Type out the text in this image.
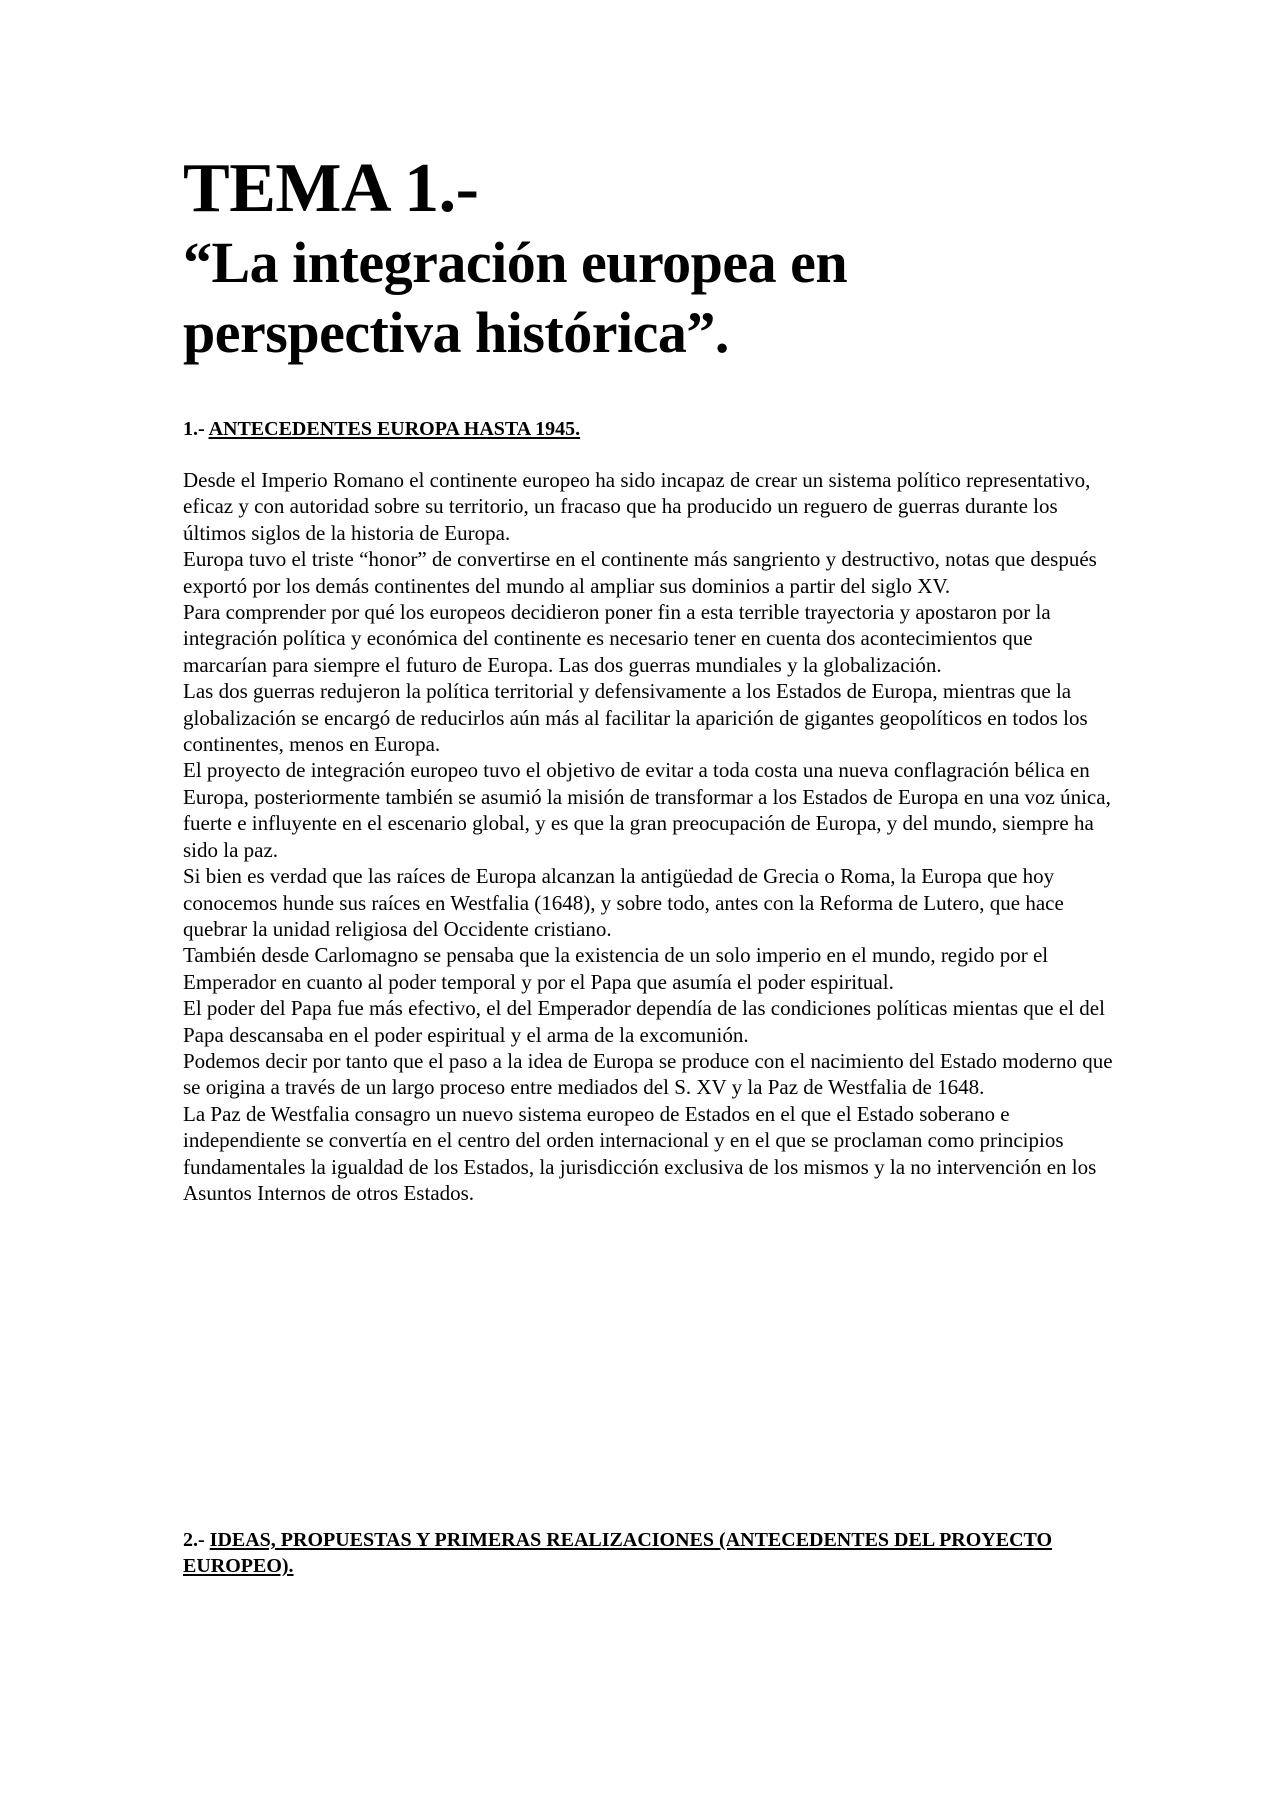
TEMA 1.-
“La integración europea en
perspectiva histórica”.
1.- ANTECEDENTES EUROPA HASTA 1945.

Desde el Imperio Romano el continente europeo ha sido incapaz de crear un sistema político representativo, eficaz y con autoridad sobre su territorio, un fracaso que ha producido un reguero de guerras durante los últimos siglos de la historia de Europa.

Europa tuvo el triste “honor” de convertirse en el continente más sangriento y destructivo, notas que después exportó por los demás continentes del mundo al ampliar sus dominios a partir del siglo XV.

Para comprender por qué los europeos decidieron poner fin a esta terrible trayectoria y apostaron por la integración política y económica del continente es necesario tener en cuenta dos acontecimientos que marcarían para siempre el futuro de Europa. Las dos guerras mundiales y la globalización.

Las dos guerras redujeron la política territorial y defensivamente a los Estados de Europa, mientras que la globalización se encargó de reducirlos aún más al facilitar la aparición de gigantes geopolíticos en todos los continentes, menos en Europa.

El proyecto de integración europeo tuvo el objetivo de evitar a toda costa una nueva conflagración bélica en Europa, posteriormente también se asumió la misión de transformar a los Estados de Europa en una voz única, fuerte e influyente en el escenario global, y es que la gran preocupación de Europa, y del mundo, siempre ha sido la paz.

Si bien es verdad que las raíces de Europa alcanzan la antigüedad de Grecia o Roma, la Europa que hoy conocemos hunde sus raíces en Westfalia (1648), y sobre todo, antes con la Reforma de Lutero, que hace quebrar la unidad religiosa del Occidente cristiano.

También desde Carlomagno se pensaba que la existencia de un solo imperio en el mundo, regido por el Emperador en cuanto al poder temporal y por el Papa que asumía el poder espiritual.

El poder del Papa fue más efectivo, el del Emperador dependía de las condiciones políticas mientas que el del Papa descansaba en el poder espiritual y el arma de la excomunión.

Podemos decir por tanto que el paso a la idea de Europa se produce con el nacimiento del Estado moderno que se origina a través de un largo proceso entre mediados del S. XV y la Paz de Westfalia de 1648.

La Paz de Westfalia consagro un nuevo sistema europeo de Estados en el que el Estado soberano e independiente se convertía en el centro del orden internacional y en el que se proclaman como principios fundamentales la igualdad de los Estados, la jurisdicción exclusiva de los mismos y la no intervención en los Asuntos Internos de otros Estados.

2.- IDEAS, PROPUESTAS Y PRIMERAS REALIZACIONES (ANTECEDENTES DEL PROYECTO EUROPEO).
